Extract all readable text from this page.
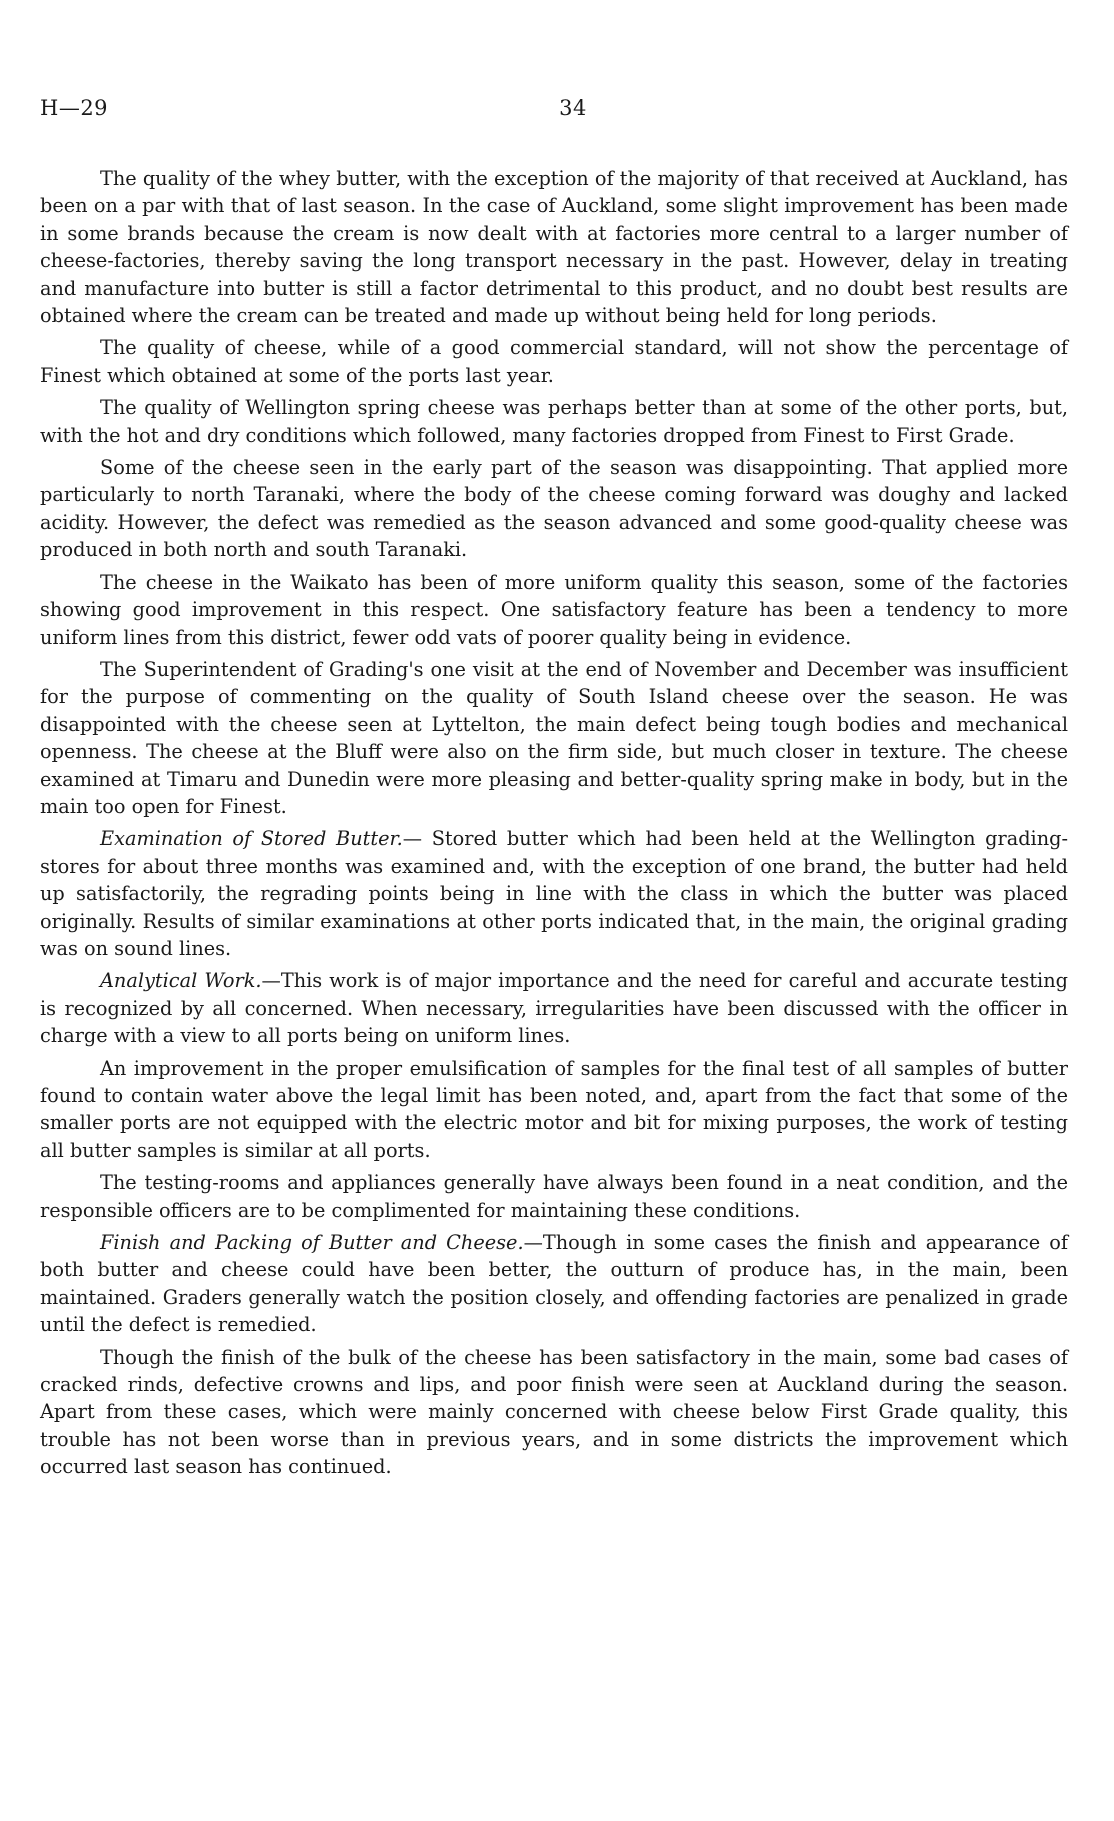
H—29	34

The quality of the whey butter, with the exception of the majority of that received at Auckland, has been on a par with that of last season. In the case of Auckland, some slight improvement has been made in some brands because the cream is now dealt with at factories more central to a larger number of cheese-factories, thereby saving the long transport necessary in the past. However, delay in treating and manufacture into butter is still a factor detrimental to this product, and no doubt best results are obtained where the cream can be treated and made up without being held for long periods.

The quality of cheese, while of a good commercial standard, will not show the percentage of Finest which obtained at some of the ports last year.

The quality of Wellington spring cheese was perhaps better than at some of the other ports, but, with the hot and dry conditions which followed, many factories dropped from Finest to First Grade.

Some of the cheese seen in the early part of the season was disappointing. That applied more particularly to north Taranaki, where the body of the cheese coming forward was doughy and lacked acidity. However, the defect was remedied as the season advanced and some good-quality cheese was produced in both north and south Taranaki.

The cheese in the Waikato has been of more uniform quality this season, some of the factories showing good improvement in this respect. One satisfactory feature has been a tendency to more uniform lines from this district, fewer odd vats of poorer quality being in evidence.

The Superintendent of Grading's one visit at the end of November and December was insufficient for the purpose of commenting on the quality of South Island cheese over the season. He was disappointed with the cheese seen at Lyttelton, the main defect being tough bodies and mechanical openness. The cheese at the Bluff were also on the firm side, but much closer in texture. The cheese examined at Timaru and Dunedin were more pleasing and better-quality spring make in body, but in the main too open for Finest.

Examination of Stored Butter.— Stored butter which had been held at the Wellington grading-stores for about three months was examined and, with the exception of one brand, the butter had held up satisfactorily, the regrading points being in line with the class in which the butter was placed originally. Results of similar examinations at other ports indicated that, in the main, the original grading was on sound lines.

Analytical Work.—This work is of major importance and the need for careful and accurate testing is recognized by all concerned. When necessary, irregularities have been discussed with the officer in charge with a view to all ports being on uniform lines.

An improvement in the proper emulsification of samples for the final test of all samples of butter found to contain water above the legal limit has been noted, and, apart from the fact that some of the smaller ports are not equipped with the electric motor and bit for mixing purposes, the work of testing all butter samples is similar at all ports.

The testing-rooms and appliances generally have always been found in a neat condition, and the responsible officers are to be complimented for maintaining these conditions.

Finish and Packing of Butter and Cheese.—Though in some cases the finish and appearance of both butter and cheese could have been better, the outturn of produce has, in the main, been maintained. Graders generally watch the position closely, and offending factories are penalized in grade until the defect is remedied.

Though the finish of the bulk of the cheese has been satisfactory in the main, some bad cases of cracked rinds, defective crowns and lips, and poor finish were seen at Auckland during the season. Apart from these cases, which were mainly concerned with cheese below First Grade quality, this trouble has not been worse than in previous years, and in some districts the improvement which occurred last season has continued.
